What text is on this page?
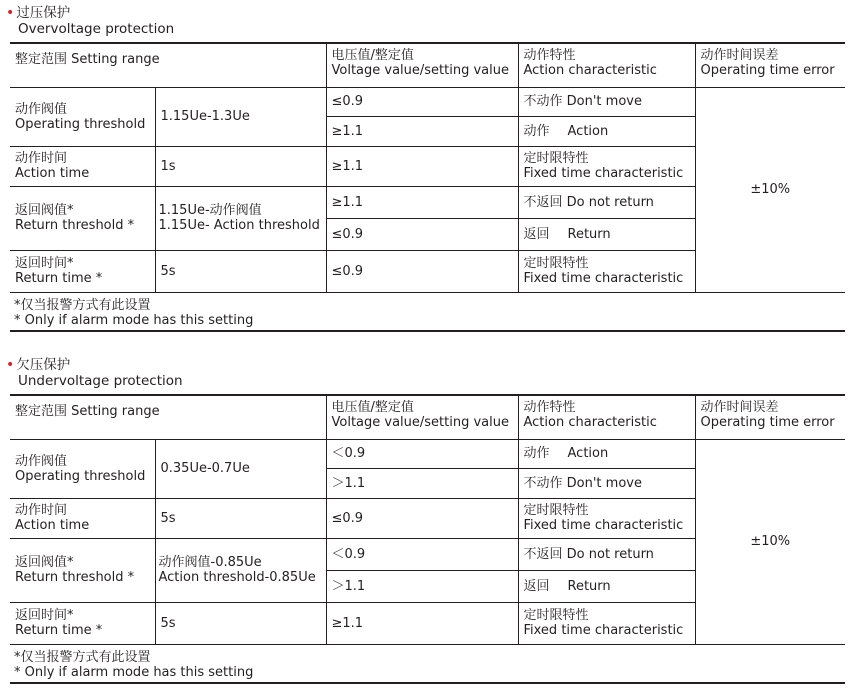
• 过压保护
Overvoltage protection
整定范围 Setting range		电压值/整定值
Voltage value/setting value	动作特性
Action characteristic	动作时间误差
Operating time error

动作阀值
Operating threshold	1.15Ue-1.3Ue	≤0.9	不动作 Don't move	±10%
		≥1.1	动作 Action	

动作时间
Action time	1s	≥1.1	定时限特性
Fixed time characteristic	

返回阀值*
Return threshold *	1.15Ue-动作阀值
1.15Ue- Action threshold	≥1.1	不返回 Do not return	
		≤0.9	返回 Return	

返回时间*
Return time *	5s	≤0.9	定时限特性
Fixed time characteristic	
*仅当报警方式有此设置
* Only if alarm mode has this setting
• 欠压保护
Undervoltage protection
整定范围 Setting range		电压值/整定值
Voltage value/setting value	动作特性
Action characteristic	动作时间误差
Operating time error

动作阀值
Operating threshold	0.35Ue-0.7Ue	＜0.9	动作 Action	±10%
		＞1.1	不动作 Don't move	

动作时间
Action time	5s	≤0.9	定时限特性
Fixed time characteristic	

返回阀值*
Return threshold *	动作阀值-0.85Ue
Action threshold-0.85Ue	＜0.9	不返回 Do not return	
		＞1.1	返回 Return	

返回时间*
Return time *	5s	≥1.1	定时限特性
Fixed time characteristic	
*仅当报警方式有此设置
* Only if alarm mode has this setting
